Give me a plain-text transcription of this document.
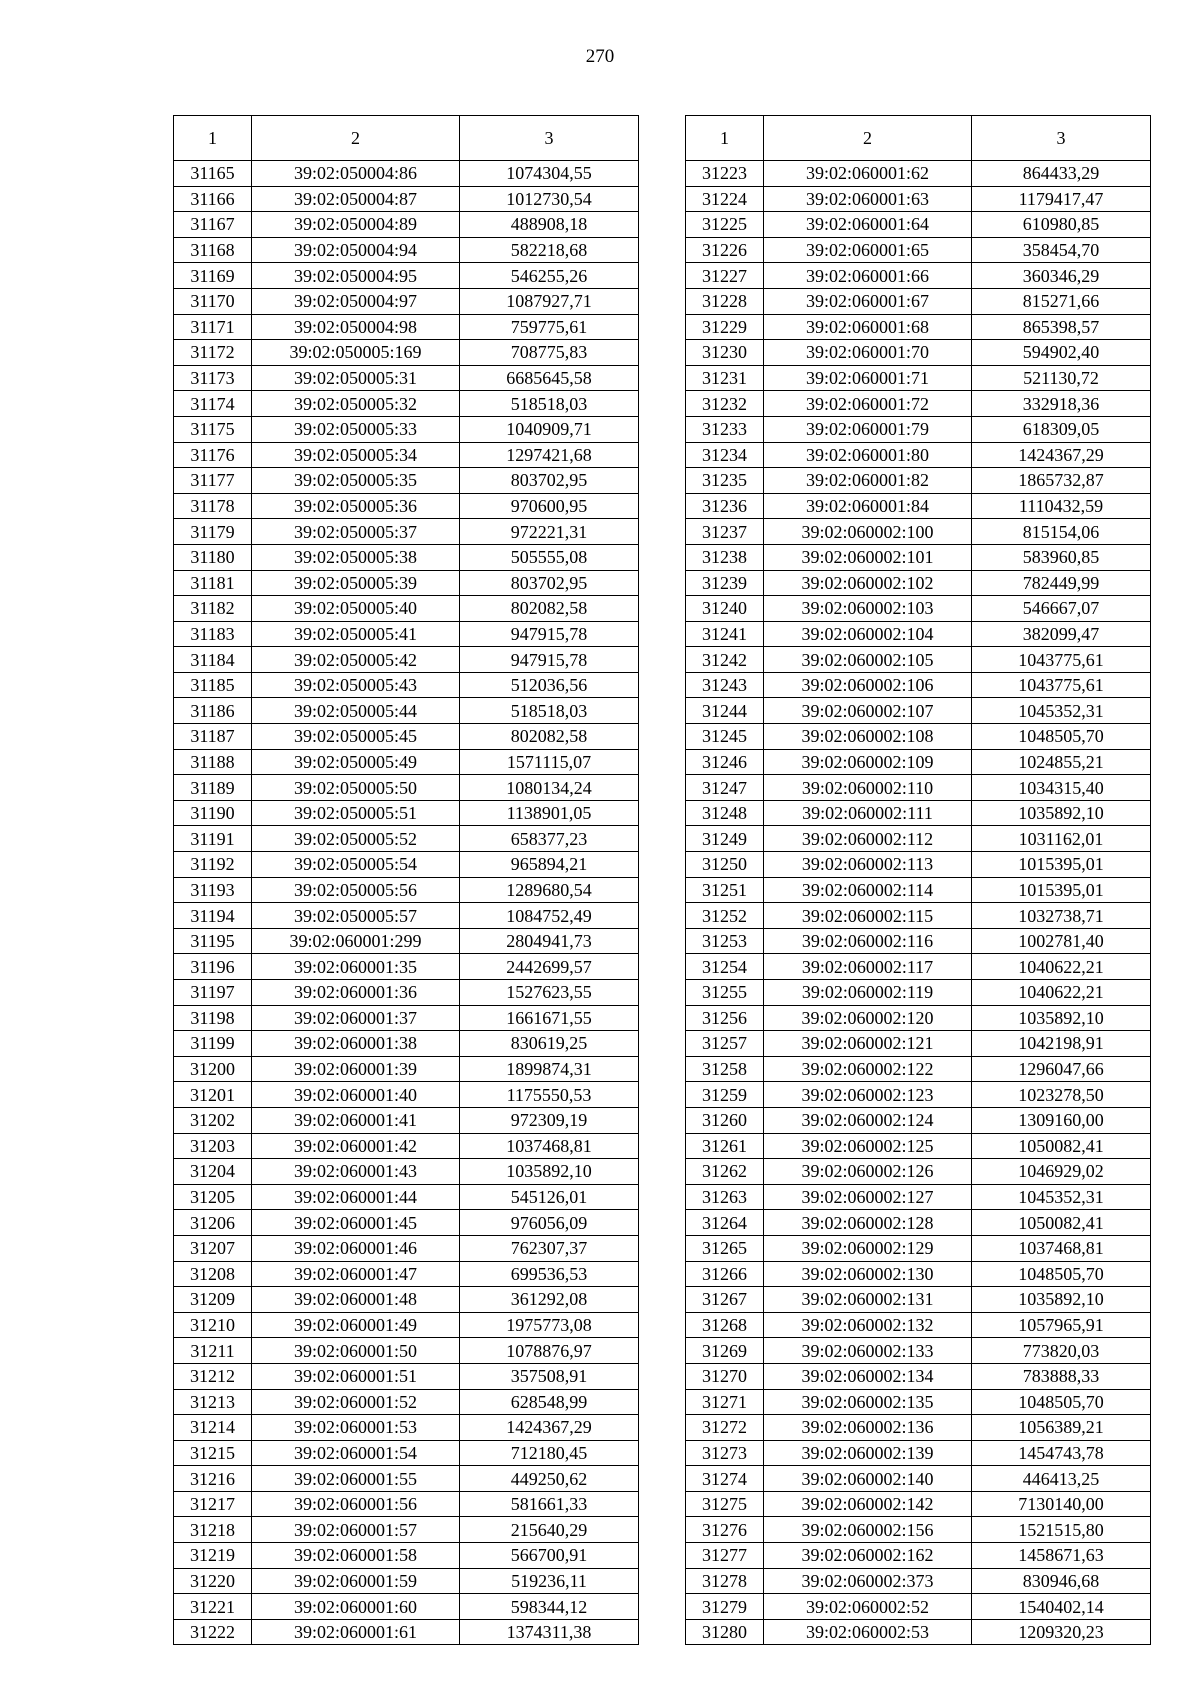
270
1	2	3
31165	39:02:050004:86	1074304,55
31166	39:02:050004:87	1012730,54
31167	39:02:050004:89	488908,18
31168	39:02:050004:94	582218,68
31169	39:02:050004:95	546255,26
31170	39:02:050004:97	1087927,71
31171	39:02:050004:98	759775,61
31172	39:02:050005:169	708775,83
31173	39:02:050005:31	6685645,58
31174	39:02:050005:32	518518,03
31175	39:02:050005:33	1040909,71
31176	39:02:050005:34	1297421,68
31177	39:02:050005:35	803702,95
31178	39:02:050005:36	970600,95
31179	39:02:050005:37	972221,31
31180	39:02:050005:38	505555,08
31181	39:02:050005:39	803702,95
31182	39:02:050005:40	802082,58
31183	39:02:050005:41	947915,78
31184	39:02:050005:42	947915,78
31185	39:02:050005:43	512036,56
31186	39:02:050005:44	518518,03
31187	39:02:050005:45	802082,58
31188	39:02:050005:49	1571115,07
31189	39:02:050005:50	1080134,24
31190	39:02:050005:51	1138901,05
31191	39:02:050005:52	658377,23
31192	39:02:050005:54	965894,21
31193	39:02:050005:56	1289680,54
31194	39:02:050005:57	1084752,49
31195	39:02:060001:299	2804941,73
31196	39:02:060001:35	2442699,57
31197	39:02:060001:36	1527623,55
31198	39:02:060001:37	1661671,55
31199	39:02:060001:38	830619,25
31200	39:02:060001:39	1899874,31
31201	39:02:060001:40	1175550,53
31202	39:02:060001:41	972309,19
31203	39:02:060001:42	1037468,81
31204	39:02:060001:43	1035892,10
31205	39:02:060001:44	545126,01
31206	39:02:060001:45	976056,09
31207	39:02:060001:46	762307,37
31208	39:02:060001:47	699536,53
31209	39:02:060001:48	361292,08
31210	39:02:060001:49	1975773,08
31211	39:02:060001:50	1078876,97
31212	39:02:060001:51	357508,91
31213	39:02:060001:52	628548,99
31214	39:02:060001:53	1424367,29
31215	39:02:060001:54	712180,45
31216	39:02:060001:55	449250,62
31217	39:02:060001:56	581661,33
31218	39:02:060001:57	215640,29
31219	39:02:060001:58	566700,91
31220	39:02:060001:59	519236,11
31221	39:02:060001:60	598344,12
31222	39:02:060001:61	1374311,38
1	2	3
31223	39:02:060001:62	864433,29
31224	39:02:060001:63	1179417,47
31225	39:02:060001:64	610980,85
31226	39:02:060001:65	358454,70
31227	39:02:060001:66	360346,29
31228	39:02:060001:67	815271,66
31229	39:02:060001:68	865398,57
31230	39:02:060001:70	594902,40
31231	39:02:060001:71	521130,72
31232	39:02:060001:72	332918,36
31233	39:02:060001:79	618309,05
31234	39:02:060001:80	1424367,29
31235	39:02:060001:82	1865732,87
31236	39:02:060001:84	1110432,59
31237	39:02:060002:100	815154,06
31238	39:02:060002:101	583960,85
31239	39:02:060002:102	782449,99
31240	39:02:060002:103	546667,07
31241	39:02:060002:104	382099,47
31242	39:02:060002:105	1043775,61
31243	39:02:060002:106	1043775,61
31244	39:02:060002:107	1045352,31
31245	39:02:060002:108	1048505,70
31246	39:02:060002:109	1024855,21
31247	39:02:060002:110	1034315,40
31248	39:02:060002:111	1035892,10
31249	39:02:060002:112	1031162,01
31250	39:02:060002:113	1015395,01
31251	39:02:060002:114	1015395,01
31252	39:02:060002:115	1032738,71
31253	39:02:060002:116	1002781,40
31254	39:02:060002:117	1040622,21
31255	39:02:060002:119	1040622,21
31256	39:02:060002:120	1035892,10
31257	39:02:060002:121	1042198,91
31258	39:02:060002:122	1296047,66
31259	39:02:060002:123	1023278,50
31260	39:02:060002:124	1309160,00
31261	39:02:060002:125	1050082,41
31262	39:02:060002:126	1046929,02
31263	39:02:060002:127	1045352,31
31264	39:02:060002:128	1050082,41
31265	39:02:060002:129	1037468,81
31266	39:02:060002:130	1048505,70
31267	39:02:060002:131	1035892,10
31268	39:02:060002:132	1057965,91
31269	39:02:060002:133	773820,03
31270	39:02:060002:134	783888,33
31271	39:02:060002:135	1048505,70
31272	39:02:060002:136	1056389,21
31273	39:02:060002:139	1454743,78
31274	39:02:060002:140	446413,25
31275	39:02:060002:142	7130140,00
31276	39:02:060002:156	1521515,80
31277	39:02:060002:162	1458671,63
31278	39:02:060002:373	830946,68
31279	39:02:060002:52	1540402,14
31280	39:02:060002:53	1209320,23
